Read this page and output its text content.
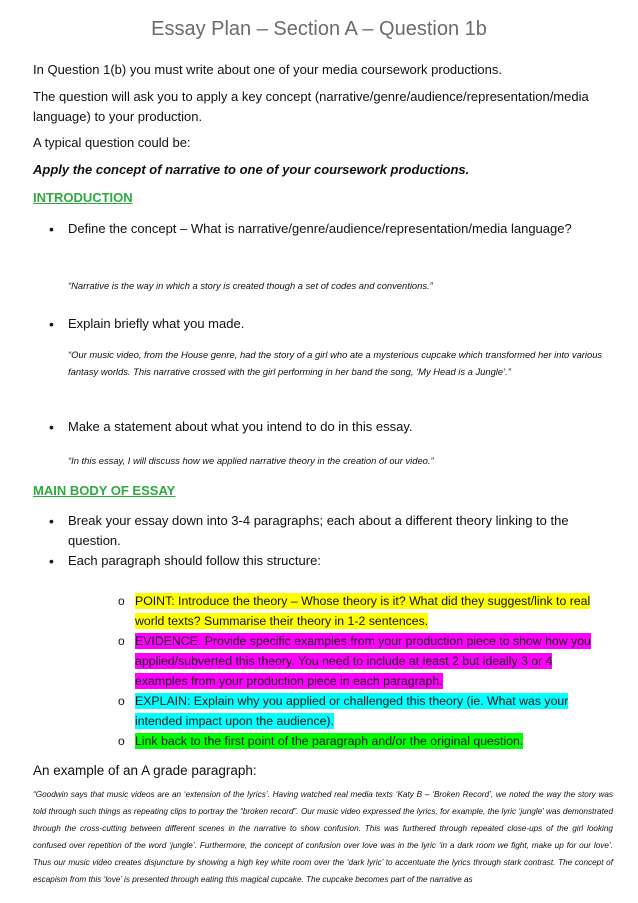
Essay Plan – Section A – Question 1b

In Question 1(b) you must write about one of your media coursework productions.

The question will ask you to apply a key concept (narrative/genre/audience/representation/media language) to your production.

A typical question could be:

Apply the concept of narrative to one of your coursework productions.

INTRODUCTION

• Define the concept – What is narrative/genre/audience/representation/media language?

“Narrative is the way in which a story is created though a set of codes and conventions.”

• Explain briefly what you made.

“Our music video, from the House genre, had the story of a girl who ate a mysterious cupcake which transformed her into various fantasy worlds. This narrative crossed with the girl performing in her band the song, ‘My Head is a Jungle’.”

• Make a statement about what you intend to do in this essay.

“In this essay, I will discuss how we applied narrative theory in the creation of our video.”

MAIN BODY OF ESSAY

• Break your essay down into 3-4 paragraphs; each about a different theory linking to the question.

• Each paragraph should follow this structure:

o POINT: Introduce the theory – Whose theory is it? What did they suggest/link to real world texts? Summarise their theory in 1-2 sentences.

o EVIDENCE. Provide specific examples from your production piece to show how you applied/subverted this theory. You need to include at least 2 but ideally 3 or 4 examples from your production piece in each paragraph.

o EXPLAIN: Explain why you applied or challenged this theory (ie. What was your intended impact upon the audience).

o Link back to the first point of the paragraph and/or the original question.

An example of an A grade paragraph:

“Goodwin says that music videos are an ‘extension of the lyrics’. Having watched real media texts ‘Katy B – ‘Broken Record’, we noted the way the story was told through such things as repeating clips to portray the “broken record”. Our music video expressed the lyrics, for example, the lyric ‘jungle’ was demonstrated through the cross-cutting between different scenes in the narrative to show confusion. This was furthered through repeated close-ups of the girl looking confused over repetition of the word ‘jungle’. Furthermore, the concept of confusion over love was in the lyric ‘in a dark room we fight, make up for our love’. Thus our music video creates disjuncture by showing a high key white room over the ‘dark lyric’ to accentuate the lyrics through stark contrast. The concept of escapism from this ‘love’ is presented through eating this magical cupcake. The cupcake becomes part of the narrative as
